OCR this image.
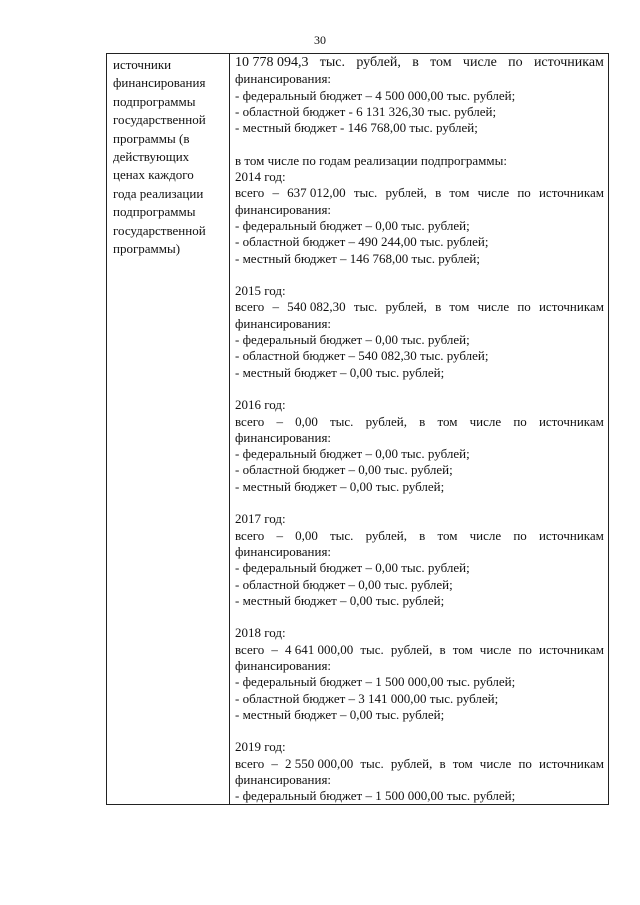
30
источники
финансирования
подпрограммы
государственной
программы (в
действующих
ценах каждого
года реализации
подпрограммы
государственной
программы)
10 778 094,3 тыс. рублей, в том числе по источникам
финансирования:
- федеральный бюджет – 4 500 000,00 тыс. рублей;
- областной бюджет - 6 131 326,30 тыс. рублей;
- местный бюджет - 146 768,00 тыс. рублей;
в том числе по годам реализации подпрограммы:
2014 год:
всего – 637 012,00 тыс. рублей, в том числе по источникам
финансирования:
- федеральный бюджет – 0,00 тыс. рублей;
- областной бюджет – 490 244,00 тыс. рублей;
- местный бюджет – 146 768,00 тыс. рублей;
2015 год:
всего – 540 082,30 тыс. рублей, в том числе по источникам
финансирования:
- федеральный бюджет – 0,00 тыс. рублей;
- областной бюджет – 540 082,30 тыс. рублей;
- местный бюджет – 0,00 тыс. рублей;
2016 год:
всего – 0,00 тыс. рублей, в том числе по источникам
финансирования:
- федеральный бюджет – 0,00 тыс. рублей;
- областной бюджет – 0,00 тыс. рублей;
- местный бюджет – 0,00 тыс. рублей;
2017 год:
всего – 0,00 тыс. рублей, в том числе по источникам
финансирования:
- федеральный бюджет – 0,00 тыс. рублей;
- областной бюджет – 0,00 тыс. рублей;
- местный бюджет – 0,00 тыс. рублей;
2018 год:
всего – 4 641 000,00 тыс. рублей, в том числе по источникам
финансирования:
- федеральный бюджет – 1 500 000,00 тыс. рублей;
- областной бюджет – 3 141 000,00 тыс. рублей;
- местный бюджет – 0,00 тыс. рублей;
2019 год:
всего – 2 550 000,00 тыс. рублей, в том числе по источникам
финансирования:
- федеральный бюджет – 1 500 000,00 тыс. рублей;
